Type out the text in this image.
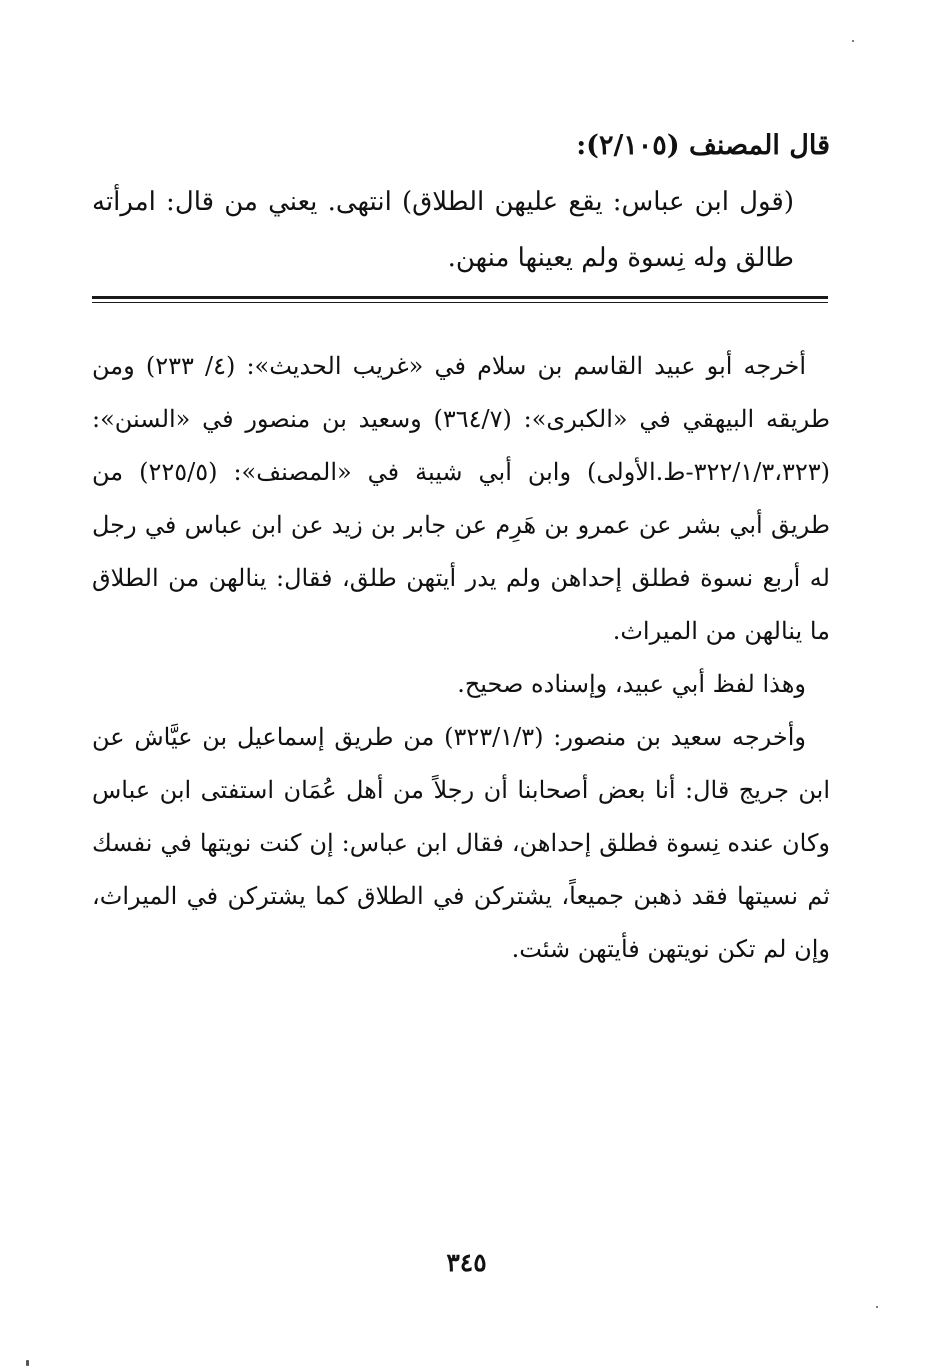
قال المصنف (٢/١٠٥):
(قول ابن عباس: يقع عليهن الطلاق) انتهى. يعني من قال: امرأته طالق وله نِسوة ولم يعينها منهن.

أخرجه أبو عبيد القاسم بن سلام في «غريب الحديث»: (٤/ ٢٣٣) ومن طريقه البيهقي في «الكبرى»: (٣٦٤/٧) وسعيد بن منصور في «السنن»: (٣٢٢/١/٣،٣٢٣-ط.الأولى) وابن أبي شيبة في «المصنف»: (٢٢٥/٥) من طريق أبي بشر عن عمرو بن هَرِم عن جابر بن زيد عن ابن عباس في رجل له أربع نسوة فطلق إحداهن ولم يدر أيتهن طلق، فقال: ينالهن من الطلاق ما ينالهن من الميراث.

وهذا لفظ أبي عبيد، وإسناده صحيح.

وأخرجه سعيد بن منصور: (٣٢٣/١/٣) من طريق إسماعيل بن عيَّاش عن ابن جريج قال: أنا بعض أصحابنا أن رجلاً من أهل عُمَان استفتى ابن عباس وكان عنده نِسوة فطلق إحداهن، فقال ابن عباس: إن كنت نويتها في نفسك ثم نسيتها فقد ذهبن جميعاً، يشتركن في الطلاق كما يشتركن في الميراث، وإن لم تكن نويتهن فأيتهن شئت.

٣٤٥
